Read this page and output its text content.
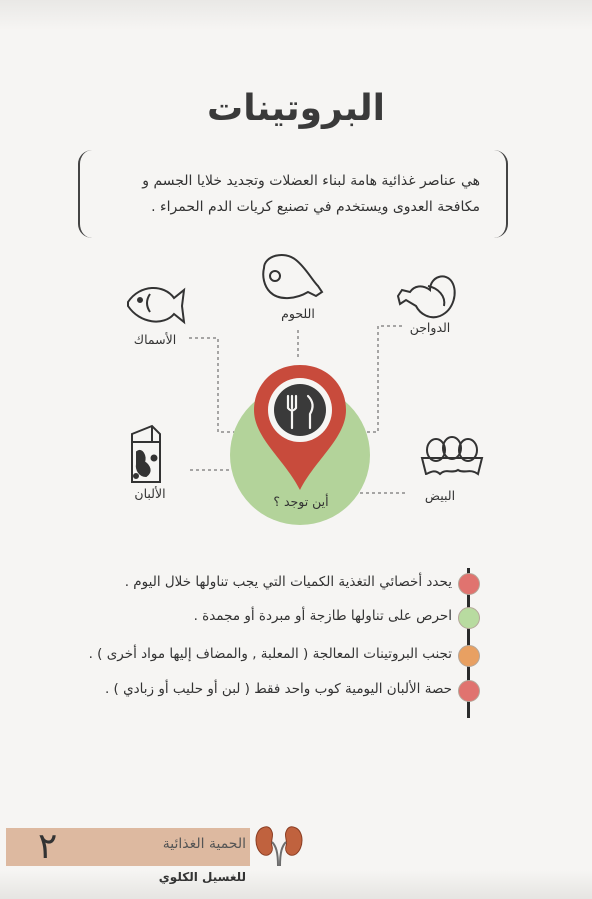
البروتينات
هي عناصر غذائية هامة لبناء العضلات وتجديد خلايا الجسم و مكافحة العدوى ويستخدم في تصنيع كريات الدم الحمراء .
اللحوم
الدواجن
الأسماك
الألبان	البيض
أين توجد ؟
يحدد أخصائي التغذية الكميات التي يجب تناولها خلال اليوم .
احرص على تناولها طازجة أو مبردة أو مجمدة .
تجنب البروتينات المعالجة ( المعلبة , والمضاف إليها مواد أخرى ) .
حصة الألبان اليومية كوب واحد فقط ( لبن أو حليب أو زبادي ) .
٢	الحمية الغذائية
للغسيل الكلوي
